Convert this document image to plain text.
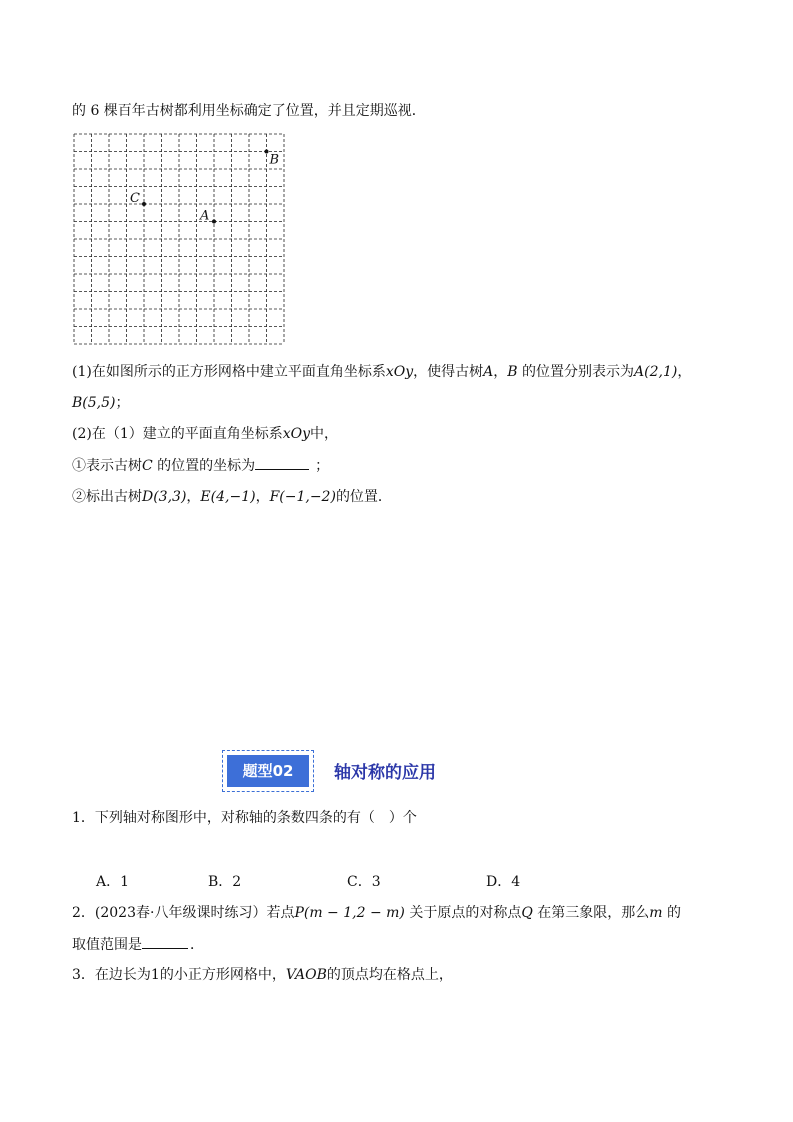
的 6 棵百年古树都利用坐标确定了位置，并且定期巡视．
B
C
A
(1)在如图所示的正方形网格中建立平面直角坐标系xOy，使得古树A，B 的位置分别表示为A(2,1)，
B(5,5)；
(2)在（1）建立的平面直角坐标系xOy中，
①表示古树C 的位置的坐标为	；
②标出古树D(3,3)，E(4,−1)，F(−1,−2)的位置．
题型02	轴对称的应用
1．下列轴对称图形中，对称轴的条数四条的有（　）个
A．1	B．2	C．3	D．4
2．(2023春·八年级课时练习）若点P(m − 1,2 − m) 关于原点的对称点Q 在第三象限，那么m 的
取值范围是	．
3．在边长为1的小正方形网格中，VAOB的顶点均在格点上，
